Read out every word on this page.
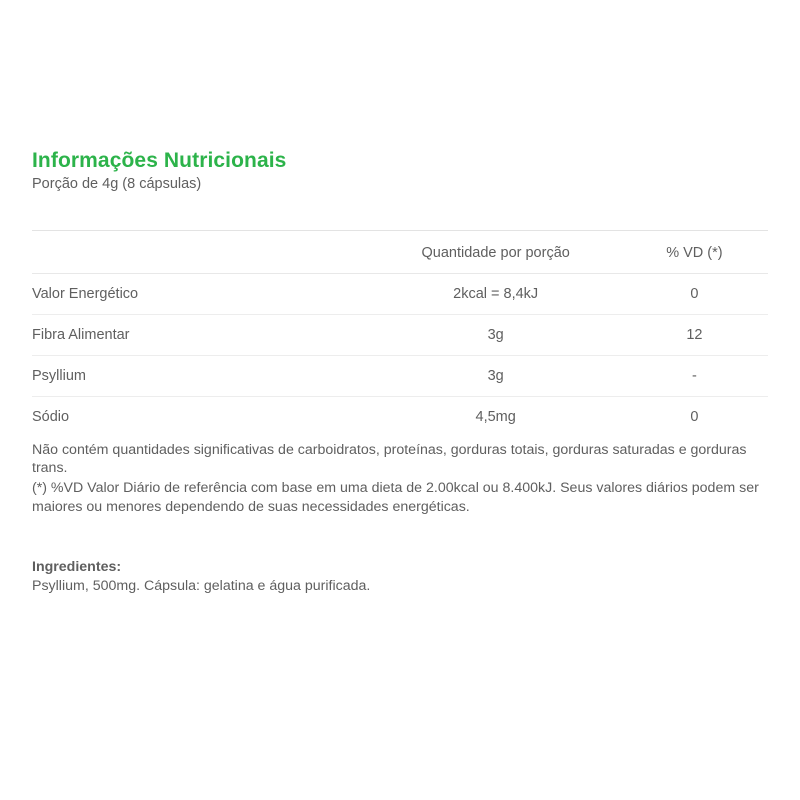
Informações Nutricionais

Porção de 4g (8 cápsulas)

	Quantidade por porção	% VD (*)
Valor Energético	2kcal = 8,4kJ	0
Fibra Alimentar	3g	12
Psyllium	3g	-
Sódio	4,5mg	0

Não contém quantidades significativas de carboidratos, proteínas, gorduras totais, gorduras saturadas e gorduras trans.

(*) %VD Valor Diário de referência com base em uma dieta de 2.00kcal ou 8.400kJ. Seus valores diários podem ser maiores ou menores dependendo de suas necessidades energéticas.

Ingredientes:
Psyllium, 500mg. Cápsula: gelatina e água purificada.
